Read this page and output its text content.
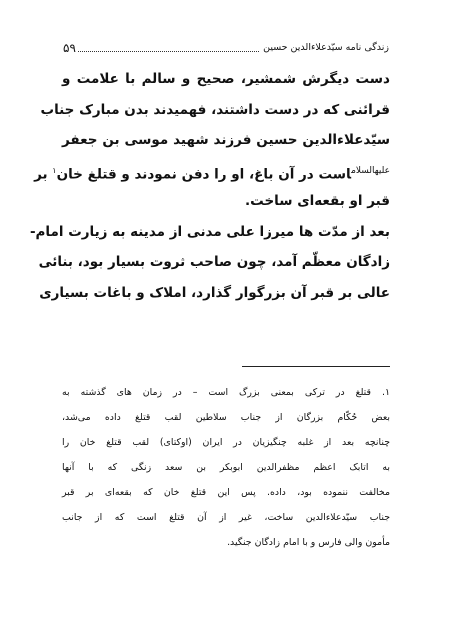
زندگی نامه سیّدعلاءالدین حسین
۵۹
دست دیگرش شمشیر، صحیح و سالم با علامت و
قرائنی که در دست داشتند، فهمیدند بدن مبارک جناب
سیّدعلاءالدین حسین فرزند شهید موسی بن جعفر
$^{علیهالسلام}$است در آن باغ، او را دفن نمودند و قتلغ خان$^۱$ بر
قبر او بقعه‌ای ساخت.
بعد از مدّت ها میرزا علی مدنی از مدینه به زیارت امام-
زادگان معظّم آمد، چون صاحب ثروت بسیار بود، بنائی
عالی بر قبر آن بزرگوار گذارد، املاک و باغات بسیاری
۱. قتلغ در ترکی بمعنی بزرگ است – در زمان های گذشته به
بعض حُکّام بزرگان از جناب سلاطین لقب قتلغ داده می‌شد،
چنانچه بعد از غلبه چنگیزیان در ایران (اوکتای) لقب قتلغ خان را
به اتابک اعظم مظفرالدین ابوبکر بن سعد زنگی که با آنها
مخالفت ننموده بود، داده. پس این قتلغ خان که بقعه‌ای بر قبر
جناب سیّدعلاءالدین ساخت، غیر از آن قتلغ است که از جانب
مأمون والی فارس و با امام زادگان جنگید.
